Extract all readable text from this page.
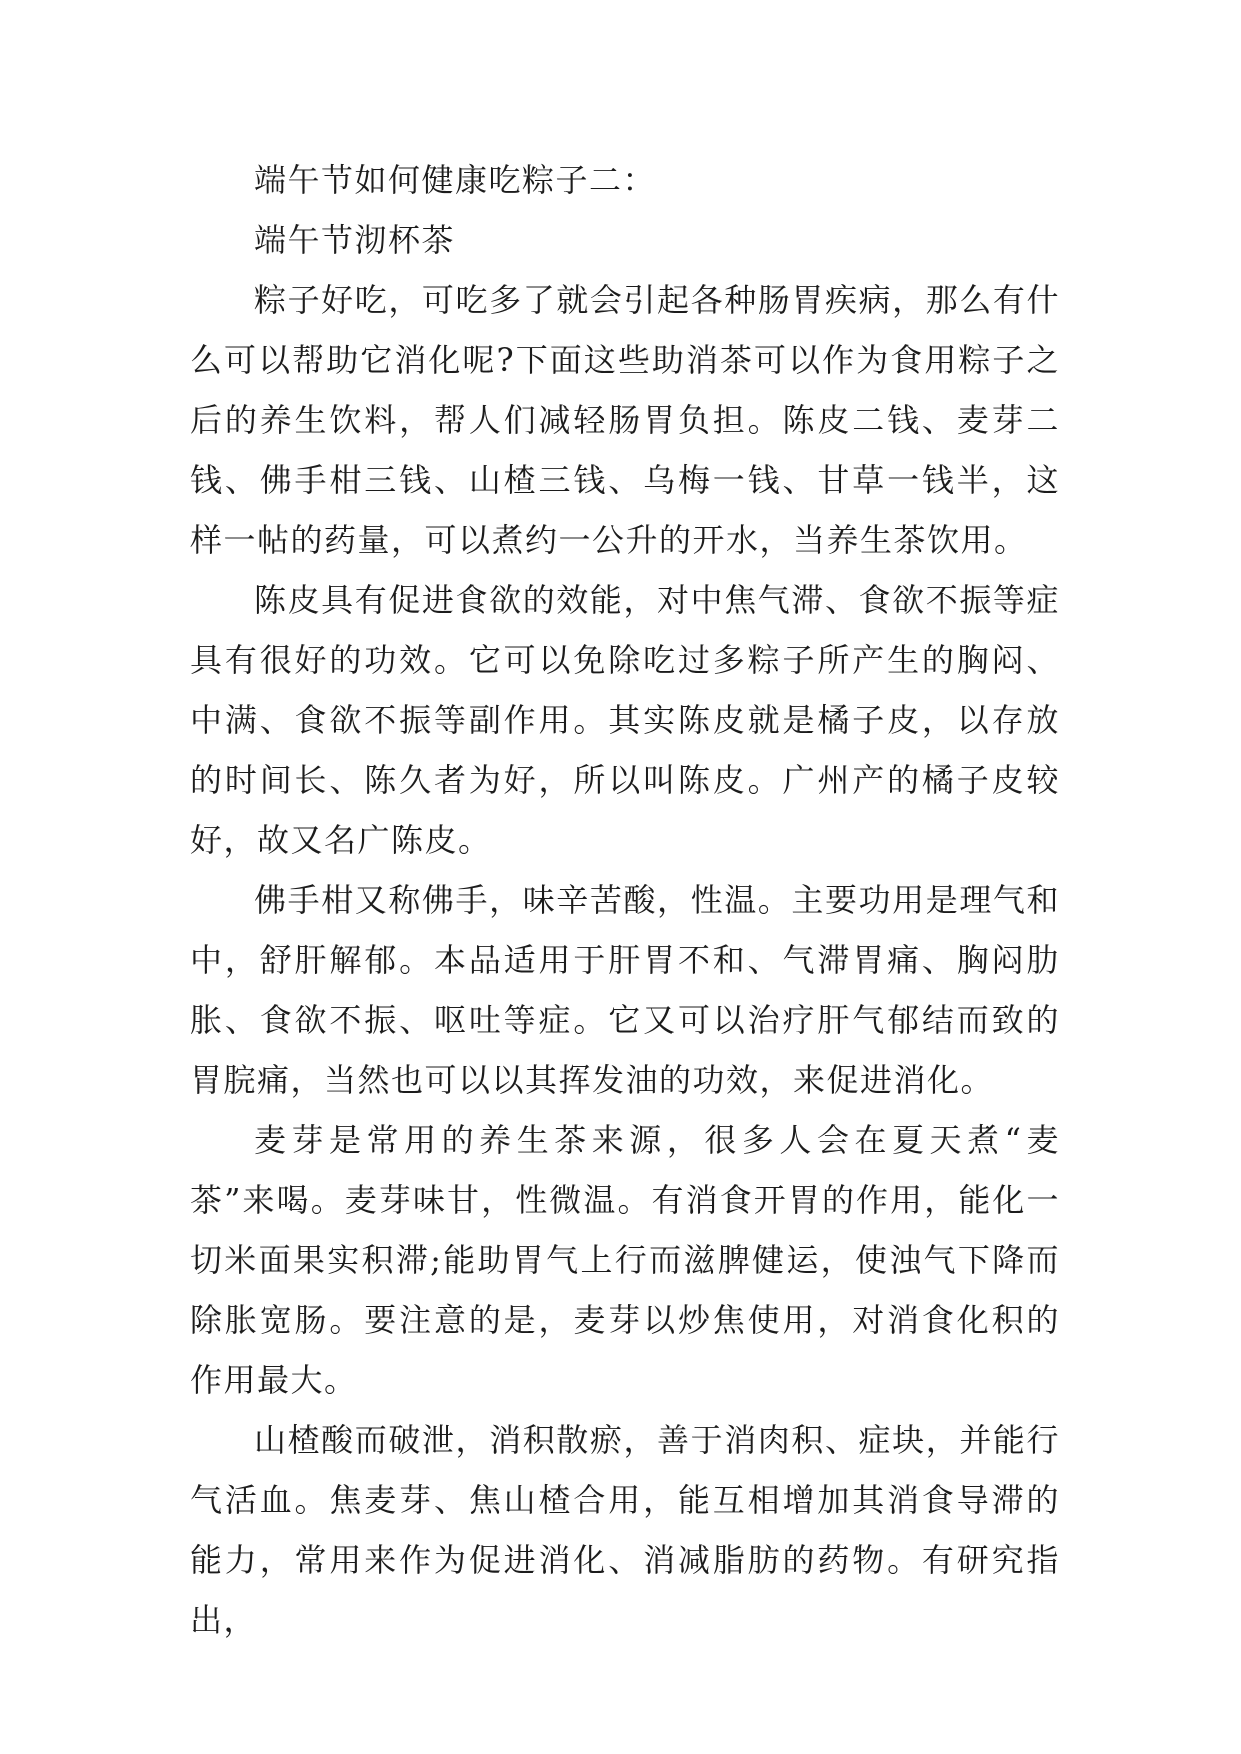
端午节如何健康吃粽子二：

端午节沏杯茶

粽子好吃，可吃多了就会引起各种肠胃疾病，那么有什么可以帮助它消化呢?下面这些助消茶可以作为食用粽子之后的养生饮料，帮人们减轻肠胃负担。陈皮二钱、麦芽二钱、佛手柑三钱、山楂三钱、乌梅一钱、甘草一钱半，这样一帖的药量，可以煮约一公升的开水，当养生茶饮用。

陈皮具有促进食欲的效能，对中焦气滞、食欲不振等症具有很好的功效。它可以免除吃过多粽子所产生的胸闷、中满、食欲不振等副作用。其实陈皮就是橘子皮，以存放的时间长、陈久者为好，所以叫陈皮。广州产的橘子皮较好，故又名广陈皮。

佛手柑又称佛手，味辛苦酸，性温。主要功用是理气和中，舒肝解郁。本品适用于肝胃不和、气滞胃痛、胸闷肋胀、食欲不振、呕吐等症。它又可以治疗肝气郁结而致的胃脘痛，当然也可以以其挥发油的功效，来促进消化。

麦芽是常用的养生茶来源，很多人会在夏天煮“麦茶”来喝。麦芽味甘，性微温。有消食开胃的作用，能化一切米面果实积滞;能助胃气上行而滋脾健运，使浊气下降而除胀宽肠。要注意的是，麦芽以炒焦使用，对消食化积的作用最大。

山楂酸而破泄，消积散瘀，善于消肉积、症块，并能行气活血。焦麦芽、焦山楂合用，能互相增加其消食导滞的能力，常用来作为促进消化、消减脂肪的药物。有研究指出，
